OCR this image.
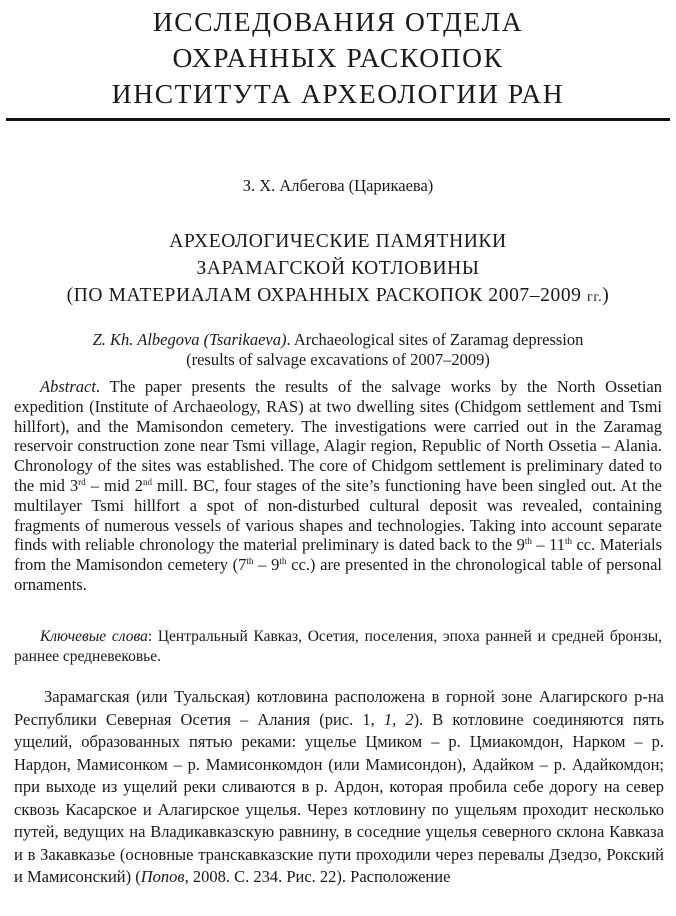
ИССЛЕДОВАНИЯ ОТДЕЛА
ОХРАННЫХ РАСКОПОК
ИНСТИТУТА АРХЕОЛОГИИ РАН
З. Х. Албегова (Царикаева)
АРХЕОЛОГИЧЕСКИЕ ПАМЯТНИКИ
ЗАРАМАГСКОЙ КОТЛОВИНЫ
(ПО МАТЕРИАЛАМ ОХРАННЫХ РАСКОПОК 2007–2009 гг.)
Z. Kh. Albegova (Tsarikaeva). Archaeological sites of Zaramag depression
(results of salvage excavations of 2007–2009)
Abstract. The paper presents the results of the salvage works by the North Ossetian expedition (Institute of Archaeology, RAS) at two dwelling sites (Chidgom settlement and Tsmi hillfort), and the Mamisondon cemetery. The investigations were carried out in the Zaramag reservoir construction zone near Tsmi village, Alagir region, Republic of North Ossetia – Alania. Chronology of the sites was established. The core of Chidgom settlement is preliminary dated to the mid 3rd – mid 2nd mill. BC, four stages of the site’s functioning have been singled out. At the multilayer Tsmi hillfort a spot of non-disturbed cultural deposit was revealed, containing fragments of numerous vessels of various shapes and technologies. Taking into account separate finds with reliable chronology the material preliminary is dated back to the 9th – 11th cc. Materials from the Mamisondon cemetery (7th – 9th cc.) are presented in the chronological table of personal ornaments.
Ключевые слова: Центральный Кавказ, Осетия, поселения, эпоха ранней и средней бронзы, раннее средневековье.
Зарамагская (или Туальская) котловина расположена в горной зоне Алагирского р-на Республики Северная Осетия – Алания (рис. 1, 1, 2). В котловине соединяются пять ущелий, образованных пятью реками: ущелье Цмиком – р. Цмиакомдон, Нарком – р. Нардон, Мамисонком – р. Мамисонкомдон (или Мамисондон), Адайком – р. Адайкомдон; при выходе из ущелий реки сливаются в р. Ардон, которая пробила себе дорогу на север сквозь Касарское и Алагирское ущелья. Через котловину по ущельям проходит несколько путей, ведущих на Владикавказскую равнину, в соседние ущелья северного склона Кавказа и в Закавказье (основные транскавказские пути проходили через перевалы Дзедзо, Рокский и Мамисонский) (Попов, 2008. С. 234. Рис. 22). Расположение
